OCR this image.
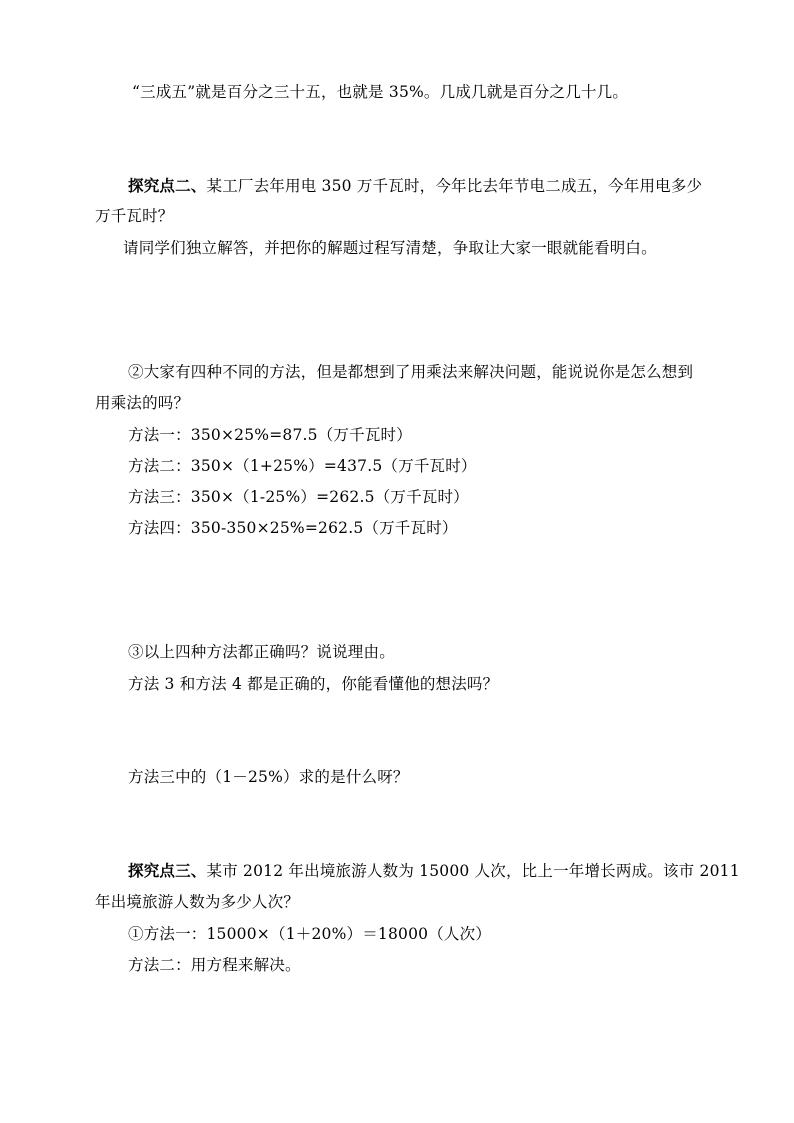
“三成五”就是百分之三十五，也就是 35%。几成几就是百分之几十几。
探究点二、某工厂去年用电 350 万千瓦时，今年比去年节电二成五，今年用电多少
万千瓦时？
请同学们独立解答，并把你的解题过程写清楚，争取让大家一眼就能看明白。
②大家有四种不同的方法，但是都想到了用乘法来解决问题，能说说你是怎么想到
用乘法的吗？
方法一：350×25%=87.5（万千瓦时）
方法二：350×（1+25%）=437.5（万千瓦时）
方法三：350×（1-25%）=262.5（万千瓦时）
方法四：350-350×25%=262.5（万千瓦时）
③以上四种方法都正确吗？说说理由。
方法 3 和方法 4 都是正确的，你能看懂他的想法吗？
方法三中的（1－25%）求的是什么呀？
探究点三、某市 2012 年出境旅游人数为 15000 人次，比上一年增长两成。该市 2011
年出境旅游人数为多少人次？
①方法一：15000×（1＋20%）＝18000（人次）
方法二：用方程来解决。
